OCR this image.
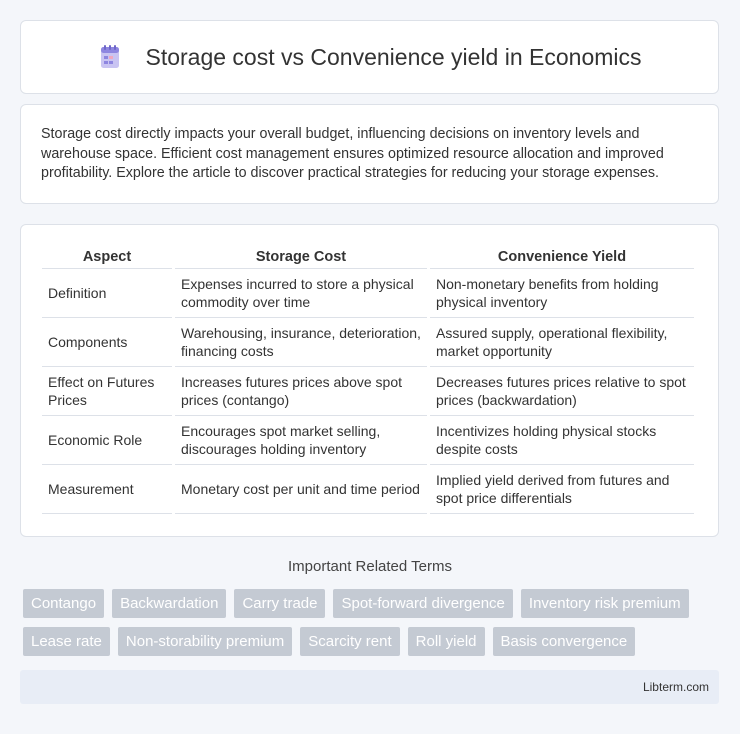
Storage cost vs Convenience yield in Economics

Storage cost directly impacts your overall budget, influencing decisions on inventory levels and warehouse space. Efficient cost management ensures optimized resource allocation and improved profitability. Explore the article to discover practical strategies for reducing your storage expenses.

Aspect	Storage Cost	Convenience Yield
Definition	Expenses incurred to store a physical commodity over time	Non-monetary benefits from holding physical inventory
Components	Warehousing, insurance, deterioration, financing costs	Assured supply, operational flexibility, market opportunity
Effect on Futures Prices	Increases futures prices above spot prices (contango)	Decreases futures prices relative to spot prices (backwardation)
Economic Role	Encourages spot market selling, discourages holding inventory	Incentivizes holding physical stocks despite costs
Measurement	Monetary cost per unit and time period	Implied yield derived from futures and spot price differentials
Important Related Terms
Contango	Backwardation	Carry trade	Spot-forward divergence	Inventory risk premium
Lease rate	Non-storability premium	Scarcity rent	Roll yield	Basis convergence
Libterm.com
